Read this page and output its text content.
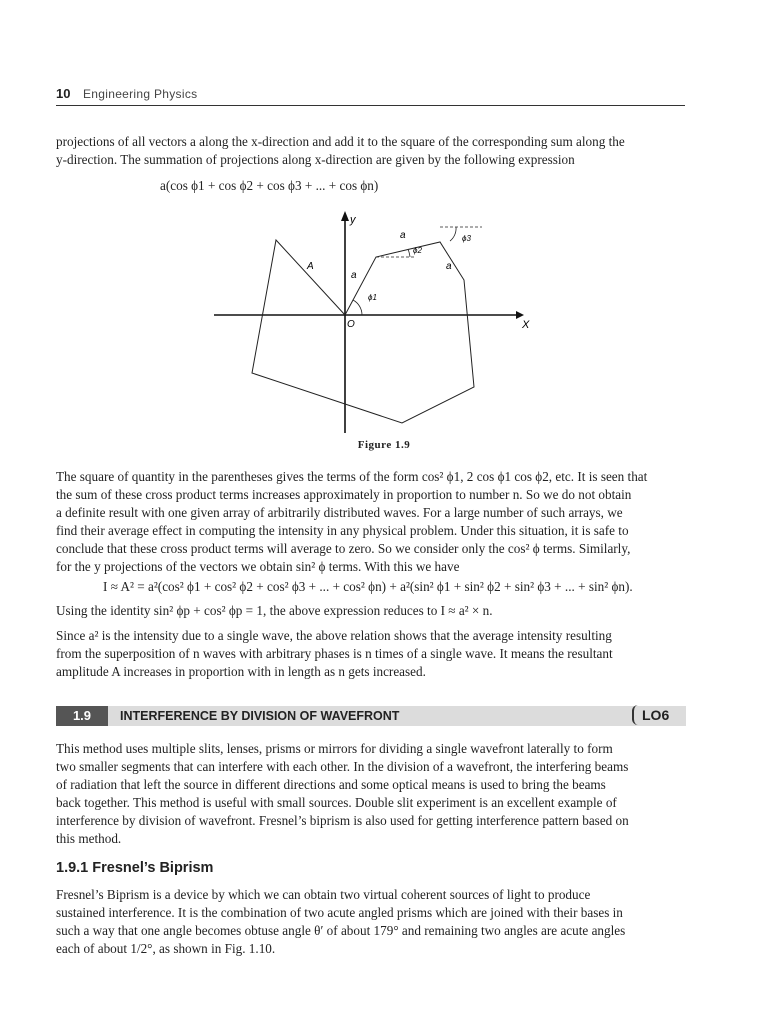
10 Engineering Physics
projections of all vectors a along the x-direction and add it to the square of the corresponding sum along the
y-direction. The summation of projections along x-direction are given by the following expression
a(cos ϕ1 + cos ϕ2 + cos ϕ3 + ... + cos ϕn)
y
X
O
A
a
a
a
ϕ1
ϕ2
ϕ3
Figure 1.9
The square of quantity in the parentheses gives the terms of the form cos² ϕ1, 2 cos ϕ1 cos ϕ2, etc. It is seen that
the sum of these cross product terms increases approximately in proportion to number n. So we do not obtain
a definite result with one given array of arbitrarily distributed waves. For a large number of such arrays, we
find their average effect in computing the intensity in any physical problem. Under this situation, it is safe to
conclude that these cross product terms will average to zero. So we consider only the cos² ϕ terms. Similarly,
for the y projections of the vectors we obtain sin² ϕ terms. With this we have
I ≈ A² = a²(cos² ϕ1 + cos² ϕ2 + cos² ϕ3 + ... + cos² ϕn) + a²(sin² ϕ1 + sin² ϕ2 + sin² ϕ3 + ... + sin² ϕn).
Using the identity sin² ϕp + cos² ϕp = 1, the above expression reduces to I ≈ a² × n.
Since a² is the intensity due to a single wave, the above relation shows that the average intensity resulting
from the superposition of n waves with arbitrary phases is n times of a single wave. It means the resultant
amplitude A increases in proportion with in length as n gets increased.
1.9	INTERFERENCE BY DIVISION OF WAVEFRONT	LO6
This method uses multiple slits, lenses, prisms or mirrors for dividing a single wavefront laterally to form
two smaller segments that can interfere with each other. In the division of a wavefront, the interfering beams
of radiation that left the source in different directions and some optical means is used to bring the beams
back together. This method is useful with small sources. Double slit experiment is an excellent example of
interference by division of wavefront. Fresnel’s biprism is also used for getting interference pattern based on
this method.
1.9.1 Fresnel’s Biprism
Fresnel’s Biprism is a device by which we can obtain two virtual coherent sources of light to produce
sustained interference. It is the combination of two acute angled prisms which are joined with their bases in
such a way that one angle becomes obtuse angle θ′ of about 179° and remaining two angles are acute angles
each of about 1/2°, as shown in Fig. 1.10.
